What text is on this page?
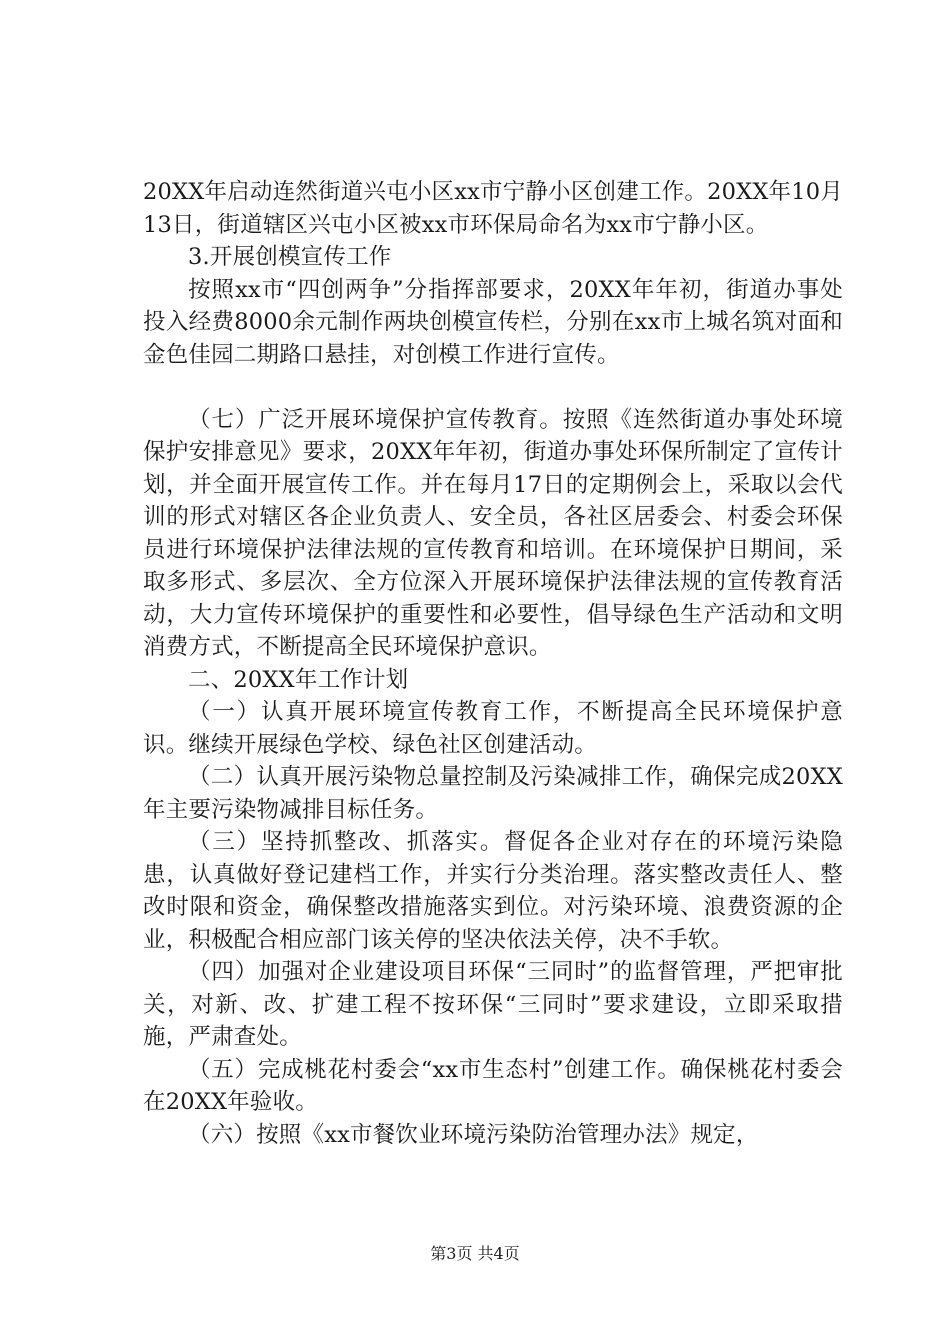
20XX年启动连然街道兴屯小区xx市宁静小区创建工作。20XX年10月13日，街道辖区兴屯小区被xx市环保局命名为xx市宁静小区。

3.开展创模宣传工作

按照xx市“四创两争”分指挥部要求，20XX年年初，街道办事处投入经费8000余元制作两块创模宣传栏，分别在xx市上城名筑对面和金色佳园二期路口悬挂，对创模工作进行宣传。

（七）广泛开展环境保护宣传教育。按照《连然街道办事处环境保护安排意见》要求，20XX年年初，街道办事处环保所制定了宣传计划，并全面开展宣传工作。并在每月17日的定期例会上，采取以会代训的形式对辖区各企业负责人、安全员，各社区居委会、村委会环保员进行环境保护法律法规的宣传教育和培训。在环境保护日期间，采取多形式、多层次、全方位深入开展环境保护法律法规的宣传教育活动，大力宣传环境保护的重要性和必要性，倡导绿色生产活动和文明消费方式，不断提高全民环境保护意识。

二、20XX年工作计划

（一）认真开展环境宣传教育工作，不断提高全民环境保护意识。继续开展绿色学校、绿色社区创建活动。

（二）认真开展污染物总量控制及污染减排工作，确保完成20XX年主要污染物减排目标任务。

（三）坚持抓整改、抓落实。督促各企业对存在的环境污染隐患，认真做好登记建档工作，并实行分类治理。落实整改责任人、整改时限和资金，确保整改措施落实到位。对污染环境、浪费资源的企业，积极配合相应部门该关停的坚决依法关停，决不手软。

（四）加强对企业建设项目环保“三同时”的监督管理，严把审批关，对新、改、扩建工程不按环保“三同时”要求建设，立即采取措施，严肃查处。

（五）完成桃花村委会“xx市生态村”创建工作。确保桃花村委会在20XX年验收。

（六）按照《xx市餐饮业环境污染防治管理办法》规定，

第3页 共4页
